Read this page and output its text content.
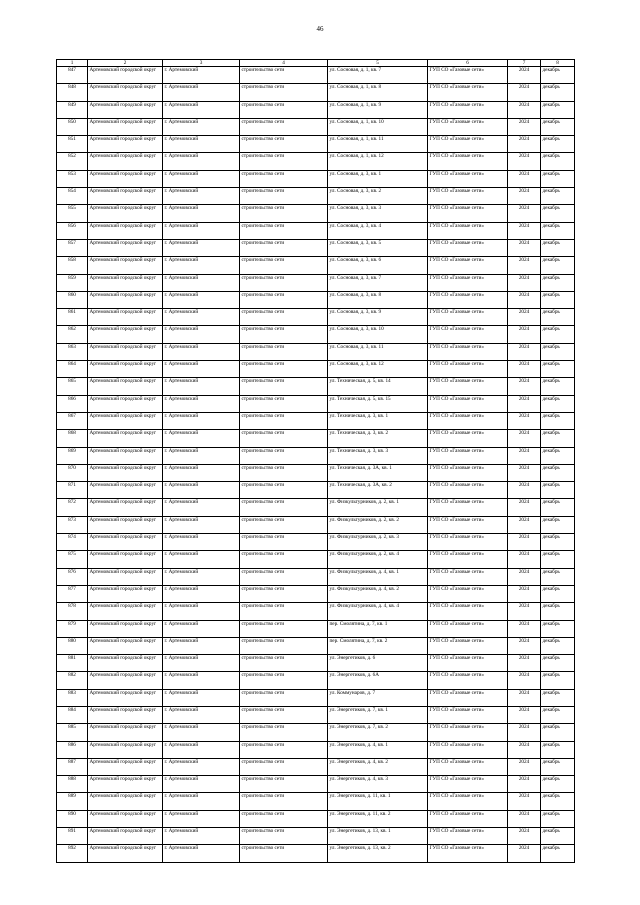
46
1	2	3	4	5	6	7	8
847	Артемовский городской округ	г. Артемовский	строительство сети	ул. Сосновая, д. 1, кв. 7	ГУП СО «Газовые сети»	2024	декабрь
848	Артемовский городской округ	г. Артемовский	строительство сети	ул. Сосновая, д. 1, кв. 8	ГУП СО «Газовые сети»	2024	декабрь
849	Артемовский городской округ	г. Артемовский	строительство сети	ул. Сосновая, д. 1, кв. 9	ГУП СО «Газовые сети»	2024	декабрь
850	Артемовский городской округ	г. Артемовский	строительство сети	ул. Сосновая, д. 1, кв. 10	ГУП СО «Газовые сети»	2024	декабрь
851	Артемовский городской округ	г. Артемовский	строительство сети	ул. Сосновая, д. 1, кв. 11	ГУП СО «Газовые сети»	2024	декабрь
852	Артемовский городской округ	г. Артемовский	строительство сети	ул. Сосновая, д. 1, кв. 12	ГУП СО «Газовые сети»	2024	декабрь
853	Артемовский городской округ	г. Артемовский	строительство сети	ул. Сосновая, д. 3, кв. 1	ГУП СО «Газовые сети»	2024	декабрь
854	Артемовский городской округ	г. Артемовский	строительство сети	ул. Сосновая, д. 3, кв. 2	ГУП СО «Газовые сети»	2024	декабрь
855	Артемовский городской округ	г. Артемовский	строительство сети	ул. Сосновая, д. 3, кв. 3	ГУП СО «Газовые сети»	2024	декабрь
856	Артемовский городской округ	г. Артемовский	строительство сети	ул. Сосновая, д. 3, кв. 4	ГУП СО «Газовые сети»	2024	декабрь
857	Артемовский городской округ	г. Артемовский	строительство сети	ул. Сосновая, д. 3, кв. 5	ГУП СО «Газовые сети»	2024	декабрь
858	Артемовский городской округ	г. Артемовский	строительство сети	ул. Сосновая, д. 3, кв. 6	ГУП СО «Газовые сети»	2024	декабрь
859	Артемовский городской округ	г. Артемовский	строительство сети	ул. Сосновая, д. 3, кв. 7	ГУП СО «Газовые сети»	2024	декабрь
860	Артемовский городской округ	г. Артемовский	строительство сети	ул. Сосновая, д. 3, кв. 8	ГУП СО «Газовые сети»	2024	декабрь
861	Артемовский городской округ	г. Артемовский	строительство сети	ул. Сосновая, д. 3, кв. 9	ГУП СО «Газовые сети»	2024	декабрь
862	Артемовский городской округ	г. Артемовский	строительство сети	ул. Сосновая, д. 3, кв. 10	ГУП СО «Газовые сети»	2024	декабрь
863	Артемовский городской округ	г. Артемовский	строительство сети	ул. Сосновая, д. 3, кв. 11	ГУП СО «Газовые сети»	2024	декабрь
864	Артемовский городской округ	г. Артемовский	строительство сети	ул. Сосновая, д. 3, кв. 12	ГУП СО «Газовые сети»	2024	декабрь
865	Артемовский городской округ	г. Артемовский	строительство сети	ул. Техническая, д. 5, кв. 14	ГУП СО «Газовые сети»	2024	декабрь
866	Артемовский городской округ	г. Артемовский	строительство сети	ул. Техническая, д. 5, кв. 15	ГУП СО «Газовые сети»	2024	декабрь
867	Артемовский городской округ	г. Артемовский	строительство сети	ул. Техническая, д. 3, кв. 1	ГУП СО «Газовые сети»	2024	декабрь
868	Артемовский городской округ	г. Артемовский	строительство сети	ул. Техническая, д. 3, кв. 2	ГУП СО «Газовые сети»	2024	декабрь
869	Артемовский городской округ	г. Артемовский	строительство сети	ул. Техническая, д. 3, кв. 3	ГУП СО «Газовые сети»	2024	декабрь
870	Артемовский городской округ	г. Артемовский	строительство сети	ул. Техническая, д. 3А, кв. 1	ГУП СО «Газовые сети»	2024	декабрь
871	Артемовский городской округ	г. Артемовский	строительство сети	ул. Техническая, д. 3А, кв. 2	ГУП СО «Газовые сети»	2024	декабрь
872	Артемовский городской округ	г. Артемовский	строительство сети	ул. Физкультурников, д. 2, кв. 1	ГУП СО «Газовые сети»	2024	декабрь
873	Артемовский городской округ	г. Артемовский	строительство сети	ул. Физкультурников, д. 2, кв. 2	ГУП СО «Газовые сети»	2024	декабрь
874	Артемовский городской округ	г. Артемовский	строительство сети	ул. Физкультурников, д. 2, кв. 3	ГУП СО «Газовые сети»	2024	декабрь
875	Артемовский городской округ	г. Артемовский	строительство сети	ул. Физкультурников, д. 2, кв. 4	ГУП СО «Газовые сети»	2024	декабрь
876	Артемовский городской округ	г. Артемовский	строительство сети	ул. Физкультурников, д. 4, кв. 1	ГУП СО «Газовые сети»	2024	декабрь
877	Артемовский городской округ	г. Артемовский	строительство сети	ул. Физкультурников, д. 4, кв. 2	ГУП СО «Газовые сети»	2024	декабрь
878	Артемовский городской округ	г. Артемовский	строительство сети	ул. Физкультурников, д. 4, кв. 4	ГУП СО «Газовые сети»	2024	декабрь
879	Артемовский городской округ	г. Артемовский	строительство сети	пер. Смолятина, д. 7, кв. 1	ГУП СО «Газовые сети»	2024	декабрь
880	Артемовский городской округ	г. Артемовский	строительство сети	пер. Смолятина, д. 7, кв. 2	ГУП СО «Газовые сети»	2024	декабрь
881	Артемовский городской округ	г. Артемовский	строительство сети	ул. Энергетиков, д. 6	ГУП СО «Газовые сети»	2024	декабрь
882	Артемовский городской округ	г. Артемовский	строительство сети	ул. Энергетиков, д. 6А	ГУП СО «Газовые сети»	2024	декабрь
883	Артемовский городской округ	г. Артемовский	строительство сети	ул. Коммунаров, д. 7	ГУП СО «Газовые сети»	2024	декабрь
884	Артемовский городской округ	г. Артемовский	строительство сети	ул. Энергетиков, д. 7, кв. 1	ГУП СО «Газовые сети»	2024	декабрь
885	Артемовский городской округ	г. Артемовский	строительство сети	ул. Энергетиков, д. 7, кв. 2	ГУП СО «Газовые сети»	2024	декабрь
886	Артемовский городской округ	г. Артемовский	строительство сети	ул. Энергетиков, д. 4, кв. 1	ГУП СО «Газовые сети»	2024	декабрь
887	Артемовский городской округ	г. Артемовский	строительство сети	ул. Энергетиков, д. 4, кв. 2	ГУП СО «Газовые сети»	2024	декабрь
888	Артемовский городской округ	г. Артемовский	строительство сети	ул. Энергетиков, д. 4, кв. 3	ГУП СО «Газовые сети»	2024	декабрь
889	Артемовский городской округ	г. Артемовский	строительство сети	ул. Энергетиков, д. 11, кв. 1	ГУП СО «Газовые сети»	2024	декабрь
890	Артемовский городской округ	г. Артемовский	строительство сети	ул. Энергетиков, д. 11, кв. 2	ГУП СО «Газовые сети»	2024	декабрь
891	Артемовский городской округ	г. Артемовский	строительство сети	ул. Энергетиков, д. 13, кв. 1	ГУП СО «Газовые сети»	2024	декабрь
892	Артемовский городской округ	г. Артемовский	строительство сети	ул. Энергетиков, д. 13, кв. 2	ГУП СО «Газовые сети»	2024	декабрь
